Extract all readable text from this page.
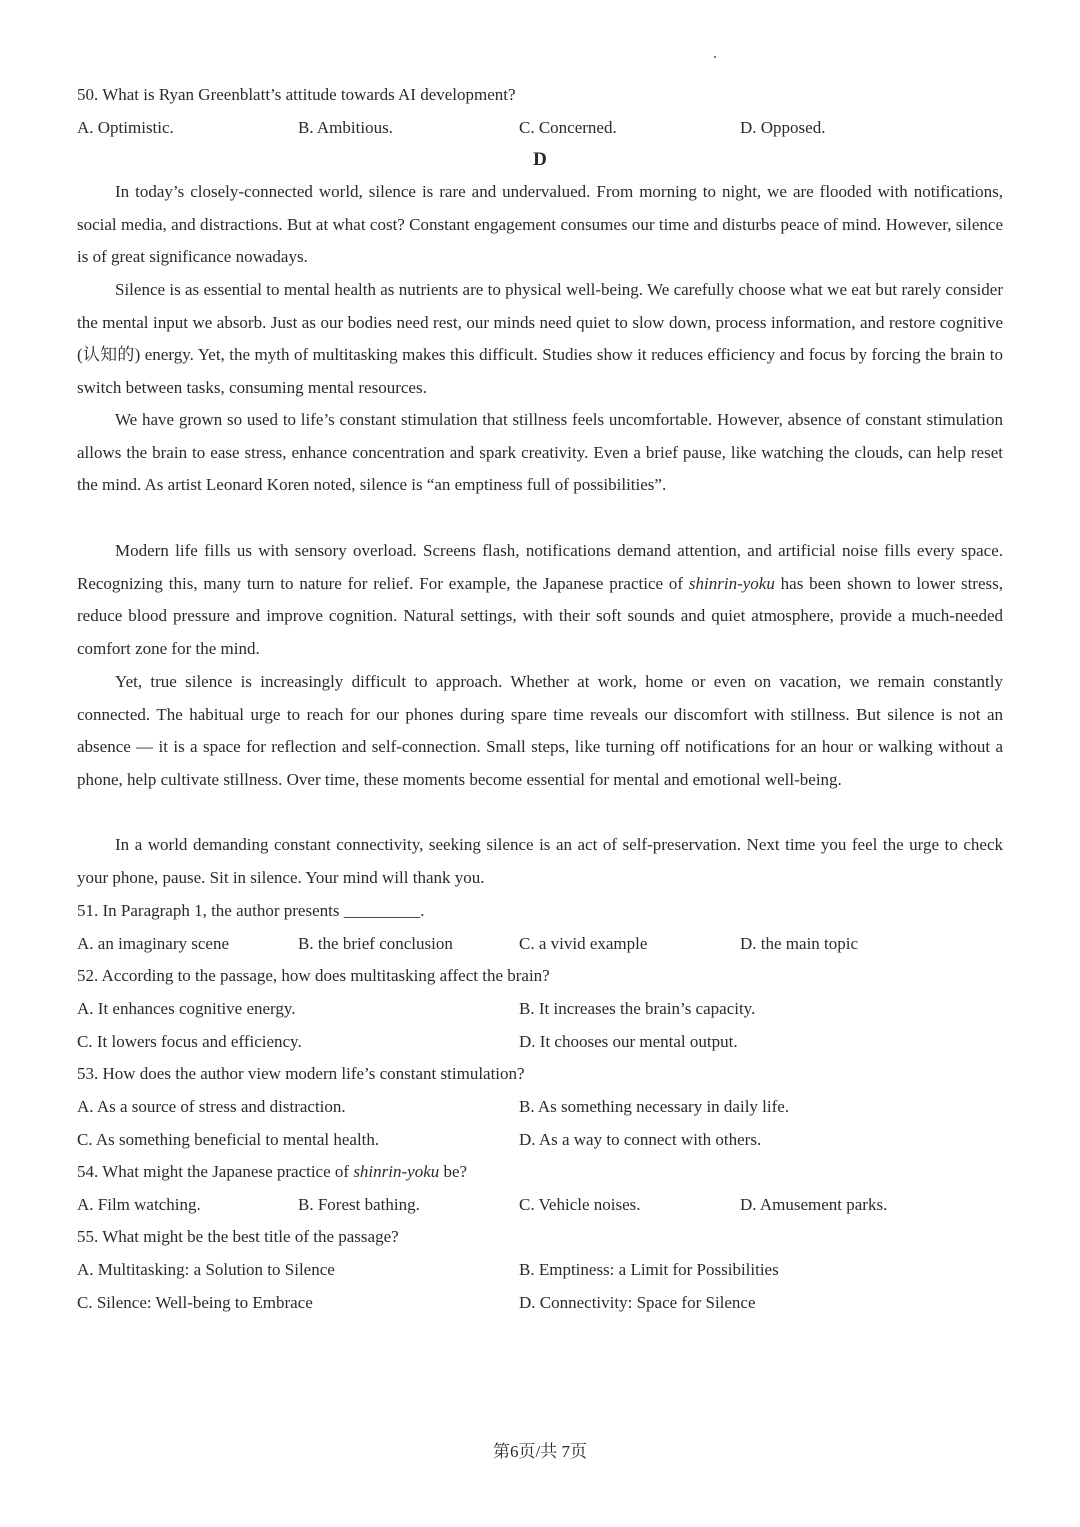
50. What is Ryan Greenblatt’s attitude towards AI development?
A. Optimistic.	B. Ambitious.	C. Concerned.	D. Opposed.
D

In today’s closely-connected world, silence is rare and undervalued. From morning to night, we are flooded with notifications, social media, and distractions. But at what cost? Constant engagement consumes our time and disturbs peace of mind. However, silence is of great significance nowadays.

Silence is as essential to mental health as nutrients are to physical well-being. We carefully choose what we eat but rarely consider the mental input we absorb. Just as our bodies need rest, our minds need quiet to slow down, process information, and restore cognitive (认知的) energy. Yet, the myth of multitasking makes this difficult. Studies show it reduces efficiency and focus by forcing the brain to switch between tasks, consuming mental resources.

We have grown so used to life’s constant stimulation that stillness feels uncomfortable. However, absence of constant stimulation allows the brain to ease stress, enhance concentration and spark creativity. Even a brief pause, like watching the clouds, can help reset the mind. As artist Leonard Koren noted, silence is “an emptiness full of possibilities”.

Modern life fills us with sensory overload. Screens flash, notifications demand attention, and artificial noise fills every space. Recognizing this, many turn to nature for relief. For example, the Japanese practice of shinrin-yoku has been shown to lower stress, reduce blood pressure and improve cognition. Natural settings, with their soft sounds and quiet atmosphere, provide a much-needed comfort zone for the mind.

Yet, true silence is increasingly difficult to approach. Whether at work, home or even on vacation, we remain constantly connected. The habitual urge to reach for our phones during spare time reveals our discomfort with stillness. But silence is not an absence — it is a space for reflection and self-connection. Small steps, like turning off notifications for an hour or walking without a phone, help cultivate stillness. Over time, these moments become essential for mental and emotional well-being.

In a world demanding constant connectivity, seeking silence is an act of self-preservation. Next time you feel the urge to check your phone, pause. Sit in silence. Your mind will thank you.

51. In Paragraph 1, the author presents _________.
A. an imaginary scene	B. the brief conclusion	C. a vivid example	D. the main topic
52. According to the passage, how does multitasking affect the brain?
A. It enhances cognitive energy.	B. It increases the brain’s capacity.
C. It lowers focus and efficiency.	D. It chooses our mental output.
53. How does the author view modern life’s constant stimulation?
A. As a source of stress and distraction.	B. As something necessary in daily life.
C. As something beneficial to mental health.	D. As a way to connect with others.
54. What might the Japanese practice of shinrin-yoku be?
A. Film watching.	B. Forest bathing.	C. Vehicle noises.	D. Amusement parks.
55. What might be the best title of the passage?
A. Multitasking: a Solution to Silence	B. Emptiness: a Limit for Possibilities
C. Silence: Well-being to Embrace	D. Connectivity: Space for Silence
第6页/共 7页
